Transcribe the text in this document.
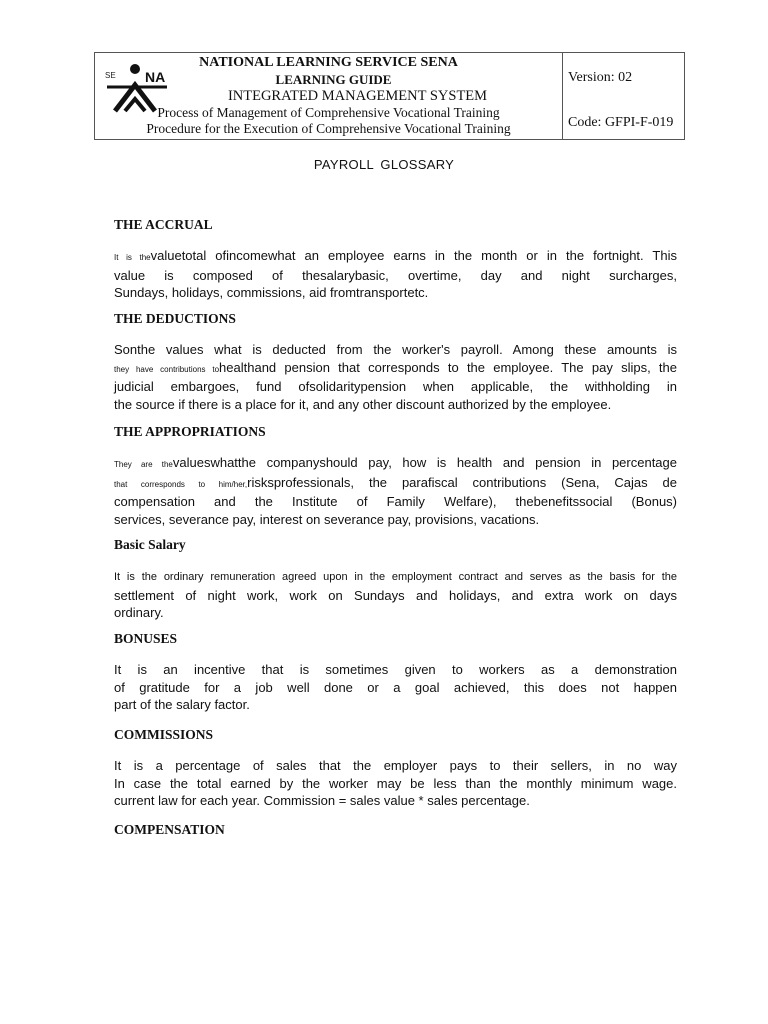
SE NA
NATIONAL LEARNING SERVICE SENA
LEARNING GUIDE
INTEGRATED MANAGEMENT SYSTEM
Process of Management of Comprehensive Vocational Training
Procedure for the Execution of Comprehensive Vocational Training
Version: 02
Code: GFPI-F-019
PAYROLL GLOSSARY
THE ACCRUAL

It is thevaluetotal ofincomewhat an employee earns in the month or in the fortnight. This
value is composed of thesalarybasic, overtime, day and night surcharges,
Sundays, holidays, commissions, aid fromtransportetc.

THE DEDUCTIONS

Sonthe values what is deducted from the worker's payroll. Among these amounts is
they have contributions tohealthand pension that corresponds to the employee. The pay slips, the
judicial embargoes, fund ofsolidaritypension when applicable, the withholding in
the source if there is a place for it, and any other discount authorized by the employee.

THE APPROPRIATIONS

They are thevalueswhatthe companyshould pay, how is health and pension in percentage
that corresponds to him/her,risksprofessionals, the parafiscal contributions (Sena, Cajas de
compensation and the Institute of Family Welfare), thebenefitssocial (Bonus)
services, severance pay, interest on severance pay, provisions, vacations.

Basic Salary

It is the ordinary remuneration agreed upon in the employment contract and serves as the basis for the
settlement of night work, work on Sundays and holidays, and extra work on days
ordinary.

BONUSES

It is an incentive that is sometimes given to workers as a demonstration
of gratitude for a job well done or a goal achieved, this does not happen
part of the salary factor.

COMMISSIONS

It is a percentage of sales that the employer pays to their sellers, in no way
In case the total earned by the worker may be less than the monthly minimum wage.
current law for each year. Commission = sales value * sales percentage.

COMPENSATION
